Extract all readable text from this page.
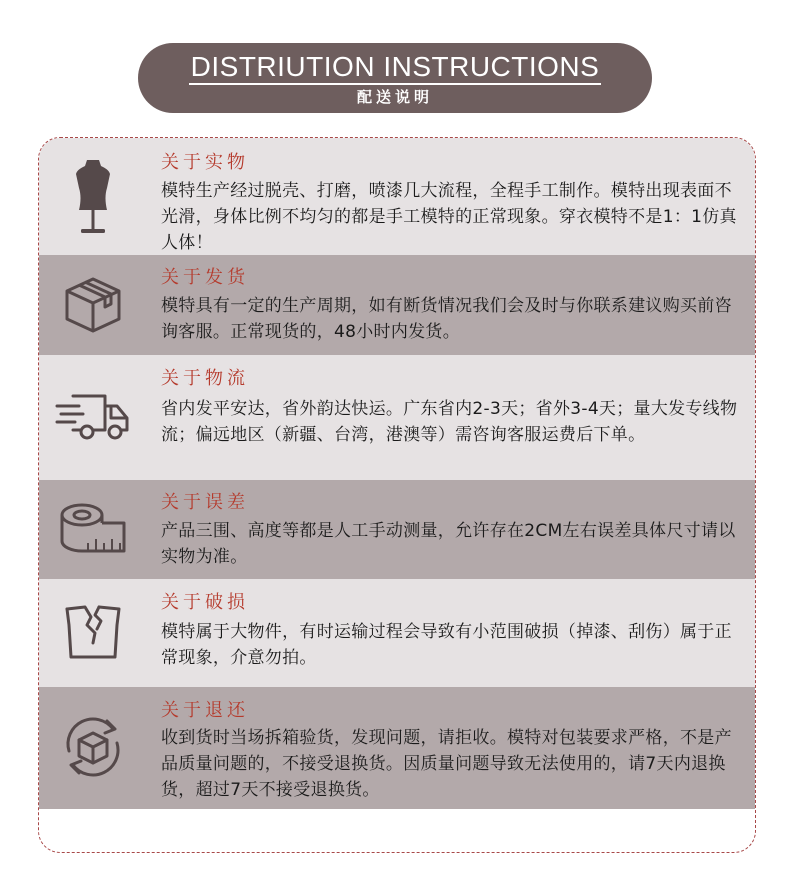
DISTRIUTION INSTRUCTIONS
配送说明
关于实物
模特生产经过脱壳、打磨，喷漆几大流程，全程手工制作。模特出现表面不光滑，身体比例不均匀的都是手工模特的正常现象。穿衣模特不是1：1仿真人体！
关于发货
模特具有一定的生产周期，如有断货情况我们会及时与你联系建议购买前咨询客服。正常现货的，48小时内发货。
关于物流
省内发平安达，省外韵达快运。广东省内2-3天；省外3-4天；量大发专线物流；偏远地区（新疆、台湾，港澳等）需咨询客服运费后下单。
关于误差
产品三围、高度等都是人工手动测量，允许存在2CM左右误差具体尺寸请以实物为准。
关于破损
模特属于大物件，有时运输过程会导致有小范围破损（掉漆、刮伤）属于正常现象，介意勿拍。
关于退还
收到货时当场拆箱验货，发现问题，请拒收。模特对包装要求严格，不是产品质量问题的，不接受退换货。因质量问题导致无法使用的，请7天内退换货，超过7天不接受退换货。
